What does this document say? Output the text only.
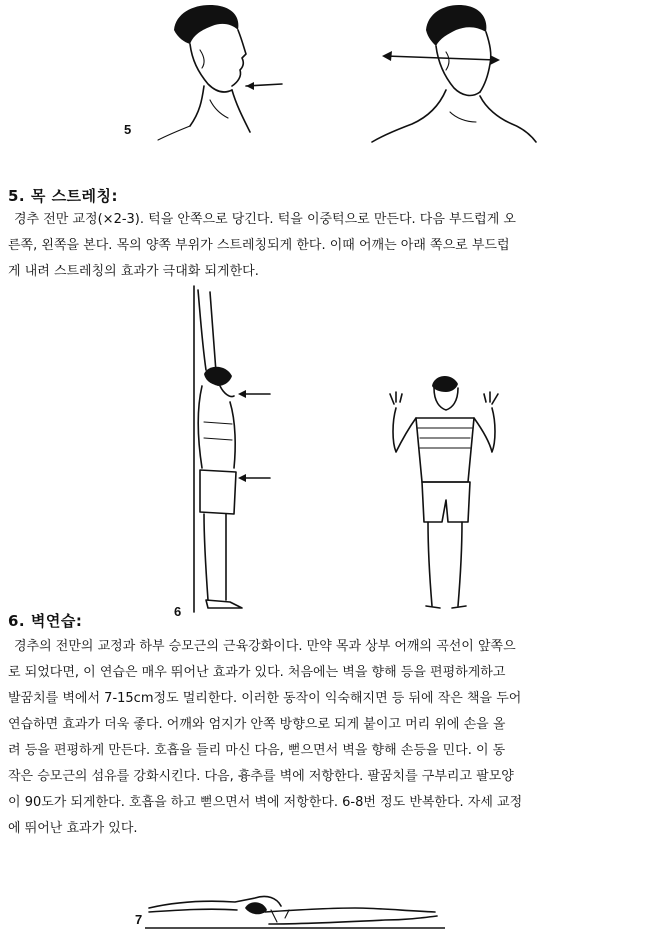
5
5. 목 스트레칭:
경추 전만 교정(×2-3). 턱을 안쪽으로 당긴다. 턱을 이중턱으로 만든다. 다음 부드럽게 오
른쪽, 왼쪽을 본다. 목의 양쪽 부위가 스트레칭되게 한다. 이때 어깨는 아래 쪽으로 부드럽
게 내려 스트레칭의 효과가 극대화 되게한다.
6
6. 벽연습:
경추의 전만의 교정과 하부 승모근의 근육강화이다. 만약 목과 상부 어깨의 곡선이 앞쪽으
로 되었다면, 이 연습은 매우 뛰어난 효과가 있다. 처음에는 벽을 향해 등을 편평하게하고
발꿈치를 벽에서 7-15cm정도 멀리한다. 이러한 동작이 익숙해지면 등 뒤에 작은 책을 두어
연습하면 효과가 더욱 좋다. 어깨와 엄지가 안쪽 방향으로 되게 붙이고 머리 위에 손을 올
려 등을 편평하게 만든다. 호흡을 들리 마신 다음, 뻗으면서 벽을 향해 손등을 민다. 이 동
작은 승모근의 섬유를 강화시킨다. 다음, 흉추를 벽에 저항한다. 팔꿈치를 구부리고 팔모양
이 90도가 되게한다. 호흡을 하고 뻗으면서 벽에 저항한다. 6-8번 정도 반복한다. 자세 교정
에 뛰어난 효과가 있다.
7
